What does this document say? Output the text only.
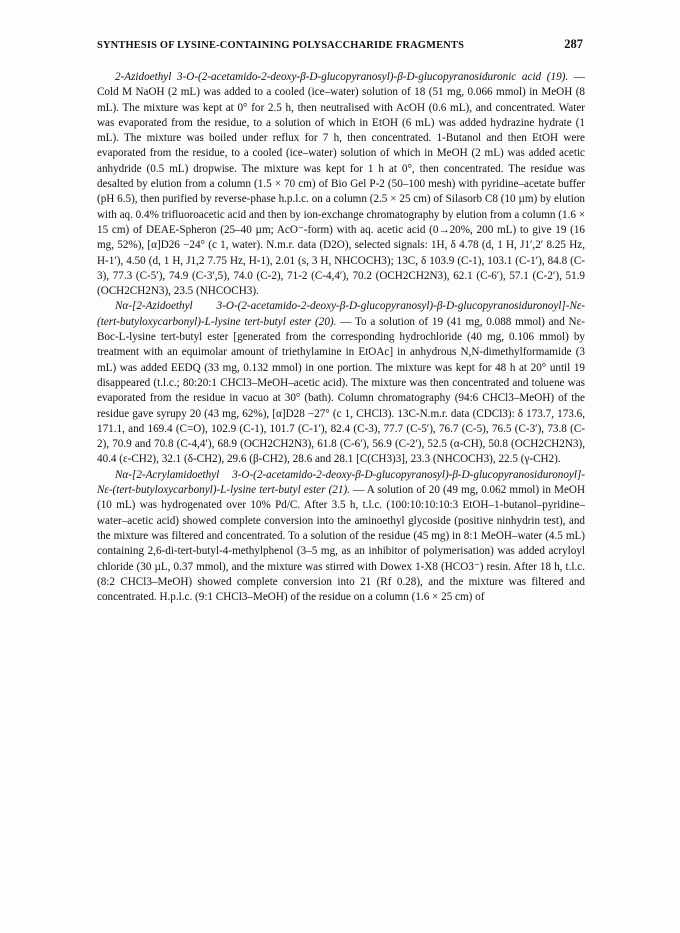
SYNTHESIS OF LYSINE-CONTAINING POLYSACCHARIDE FRAGMENTS	287

2-Azidoethyl 3-O-(2-acetamido-2-deoxy-β-D-glucopyranosyl)-β-D-glucopyranosiduronic acid (19). — Cold M NaOH (2 mL) was added to a cooled (ice–water) solution of 18 (51 mg, 0.066 mmol) in MeOH (8 mL). The mixture was kept at 0° for 2.5 h, then neutralised with AcOH (0.6 mL), and concentrated. Water was evaporated from the residue, to a solution of which in EtOH (6 mL) was added hydrazine hydrate (1 mL). The mixture was boiled under reflux for 7 h, then concentrated. 1-Butanol and then EtOH were evaporated from the residue, to a cooled (ice–water) solution of which in MeOH (2 mL) was added acetic anhydride (0.5 mL) dropwise. The mixture was kept for 1 h at 0°, then concentrated. The residue was desalted by elution from a column (1.5 × 70 cm) of Bio Gel P-2 (50–100 mesh) with pyridine–acetate buffer (pH 6.5), then purified by reverse-phase h.p.l.c. on a column (2.5 × 25 cm) of Silasorb C8 (10 µm) by elution with aq. 0.4% trifluoroacetic acid and then by ion-exchange chromatography by elution from a column (1.6 × 15 cm) of DEAE-Spheron (25–40 µm; AcO⁻-form) with aq. acetic acid (0→20%, 200 mL) to give 19 (16 mg, 52%), [α]D26 −24° (c 1, water). N.m.r. data (D2O), selected signals: 1H, δ 4.78 (d, 1 H, J1′,2′ 8.25 Hz, H-1′), 4.50 (d, 1 H, J1,2 7.75 Hz, H-1), 2.01 (s, 3 H, NHCOCH3); 13C, δ 103.9 (C-1), 103.1 (C-1′), 84.8 (C-3), 77.3 (C-5′), 74.9 (C-3′,5), 74.0 (C-2), 71-2 (C-4,4′), 70.2 (OCH2CH2N3), 62.1 (C-6′), 57.1 (C-2′), 51.9 (OCH2CH2N3), 23.5 (NHCOCH3).

Nα-[2-Azidoethyl 3-O-(2-acetamido-2-deoxy-β-D-glucopyranosyl)-β-D-glucopyranosiduronoyl]-Nε-(tert-butyloxycarbonyl)-L-lysine tert-butyl ester (20). — To a solution of 19 (41 mg, 0.088 mmol) and Nε-Boc-L-lysine tert-butyl ester [generated from the corresponding hydrochloride (40 mg, 0.106 mmol) by treatment with an equimolar amount of triethylamine in EtOAc] in anhydrous N,N-dimethylformamide (3 mL) was added EEDQ (33 mg, 0.132 mmol) in one portion. The mixture was kept for 48 h at 20° until 19 disappeared (t.l.c.; 80:20:1 CHCl3–MeOH–acetic acid). The mixture was then concentrated and toluene was evaporated from the residue in vacuo at 30° (bath). Column chromatography (94:6 CHCl3–MeOH) of the residue gave syrupy 20 (43 mg, 62%), [α]D28 −27° (c 1, CHCl3). 13C-N.m.r. data (CDCl3): δ 173.7, 173.6, 171.1, and 169.4 (C=O), 102.9 (C-1), 101.7 (C-1′), 82.4 (C-3), 77.7 (C-5′), 76.7 (C-5), 76.5 (C-3′), 73.8 (C-2), 70.9 and 70.8 (C-4,4′), 68.9 (OCH2CH2N3), 61.8 (C-6′), 56.9 (C-2′), 52.5 (α-CH), 50.8 (OCH2CH2N3), 40.4 (ε-CH2), 32.1 (δ-CH2), 29.6 (β-CH2), 28.6 and 28.1 [C(CH3)3], 23.3 (NHCOCH3), 22.5 (γ-CH2).

Nα-[2-Acrylamidoethyl 3-O-(2-acetamido-2-deoxy-β-D-glucopyranosyl)-β-D-glucopyranosiduronoyl]-Nε-(tert-butyloxycarbonyl)-L-lysine tert-butyl ester (21). — A solution of 20 (49 mg, 0.062 mmol) in MeOH (10 mL) was hydrogenated over 10% Pd/C. After 3.5 h, t.l.c. (100:10:10:10:3 EtOH–1-butanol–pyridine–water–acetic acid) showed complete conversion into the aminoethyl glycoside (positive ninhydrin test), and the mixture was filtered and concentrated. To a solution of the residue (45 mg) in 8:1 MeOH–water (4.5 mL) containing 2,6-di-tert-butyl-4-methylphenol (3–5 mg, as an inhibitor of polymerisation) was added acryloyl chloride (30 µL, 0.37 mmol), and the mixture was stirred with Dowex 1-X8 (HCO3⁻) resin. After 18 h, t.l.c. (8:2 CHCl3–MeOH) showed complete conversion into 21 (Rf 0.28), and the mixture was filtered and concentrated. H.p.l.c. (9:1 CHCl3–MeOH) of the residue on a column (1.6 × 25 cm) of
